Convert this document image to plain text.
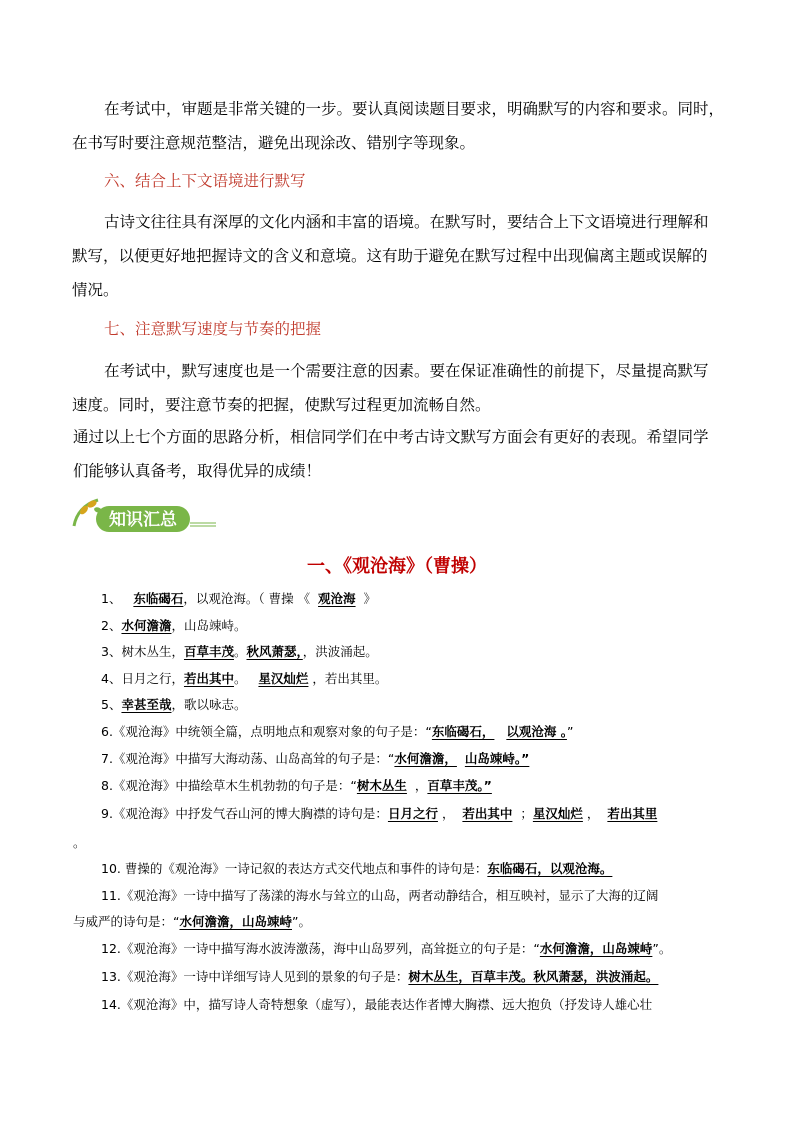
在考试中，审题是非常关键的一步。要认真阅读题目要求，明确默写的内容和要求。同时，
在书写时要注意规范整洁，避免出现涂改、错别字等现象。
六、结合上下文语境进行默写
古诗文往往具有深厚的文化内涵和丰富的语境。在默写时，要结合上下文语境进行理解和
默写，以便更好地把握诗文的含义和意境。这有助于避免在默写过程中出现偏离主题或误解的
情况。
七、注意默写速度与节奏的把握
在考试中，默写速度也是一个需要注意的因素。要在保证准确性的前提下，尽量提高默写
速度。同时，要注意节奏的把握，使默写过程更加流畅自然。
通过以上七个方面的思路分析，相信同学们在中考古诗文默写方面会有更好的表现。希望同学
们能够认真备考，取得优异的成绩！
知识汇总
一、《观沧海》（曹操）
1、 东临碣石，以观沧海。（ 曹操 《 观沧海 》
2、水何澹澹，山岛竦峙。
3、树木丛生，百草丰茂。秋风萧瑟，，洪波涌起。
4、日月之行，若出其中。 星汉灿烂 ，若出其里。
5、幸甚至哉，歌以咏志。
6.《观沧海》中统领全篇，点明地点和观察对象的句子是：“东临碣石， 以观沧海 。”
7.《观沧海》中描写大海动荡、山岛高耸的句子是：“水何澹澹， 山岛竦峙。”
8.《观沧海》中描绘草木生机勃勃的句子是：“树木丛生 ，百草丰茂。”
9.《观沧海》中抒发气吞山河的博大胸襟的诗句是：日月之行 ， 若出其中 ；星汉灿烂 ， 若出其里
。
10. 曹操的《观沧海》一诗记叙的表达方式交代地点和事件的诗句是：东临碣石，以观沧海。
11.《观沧海》一诗中描写了荡漾的海水与耸立的山岛，两者动静结合，相互映衬，显示了大海的辽阔
与威严的诗句是：“水何澹澹，山岛竦峙”。
12.《观沧海》一诗中描写海水波涛激荡，海中山岛罗列，高耸挺立的句子是：“水何澹澹，山岛竦峙”。
13.《观沧海》一诗中详细写诗人见到的景象的句子是：树木丛生，百草丰茂。秋风萧瑟，洪波涌起。
14.《观沧海》中，描写诗人奇特想象（虚写），最能表达作者博大胸襟、远大抱负（抒发诗人雄心壮
